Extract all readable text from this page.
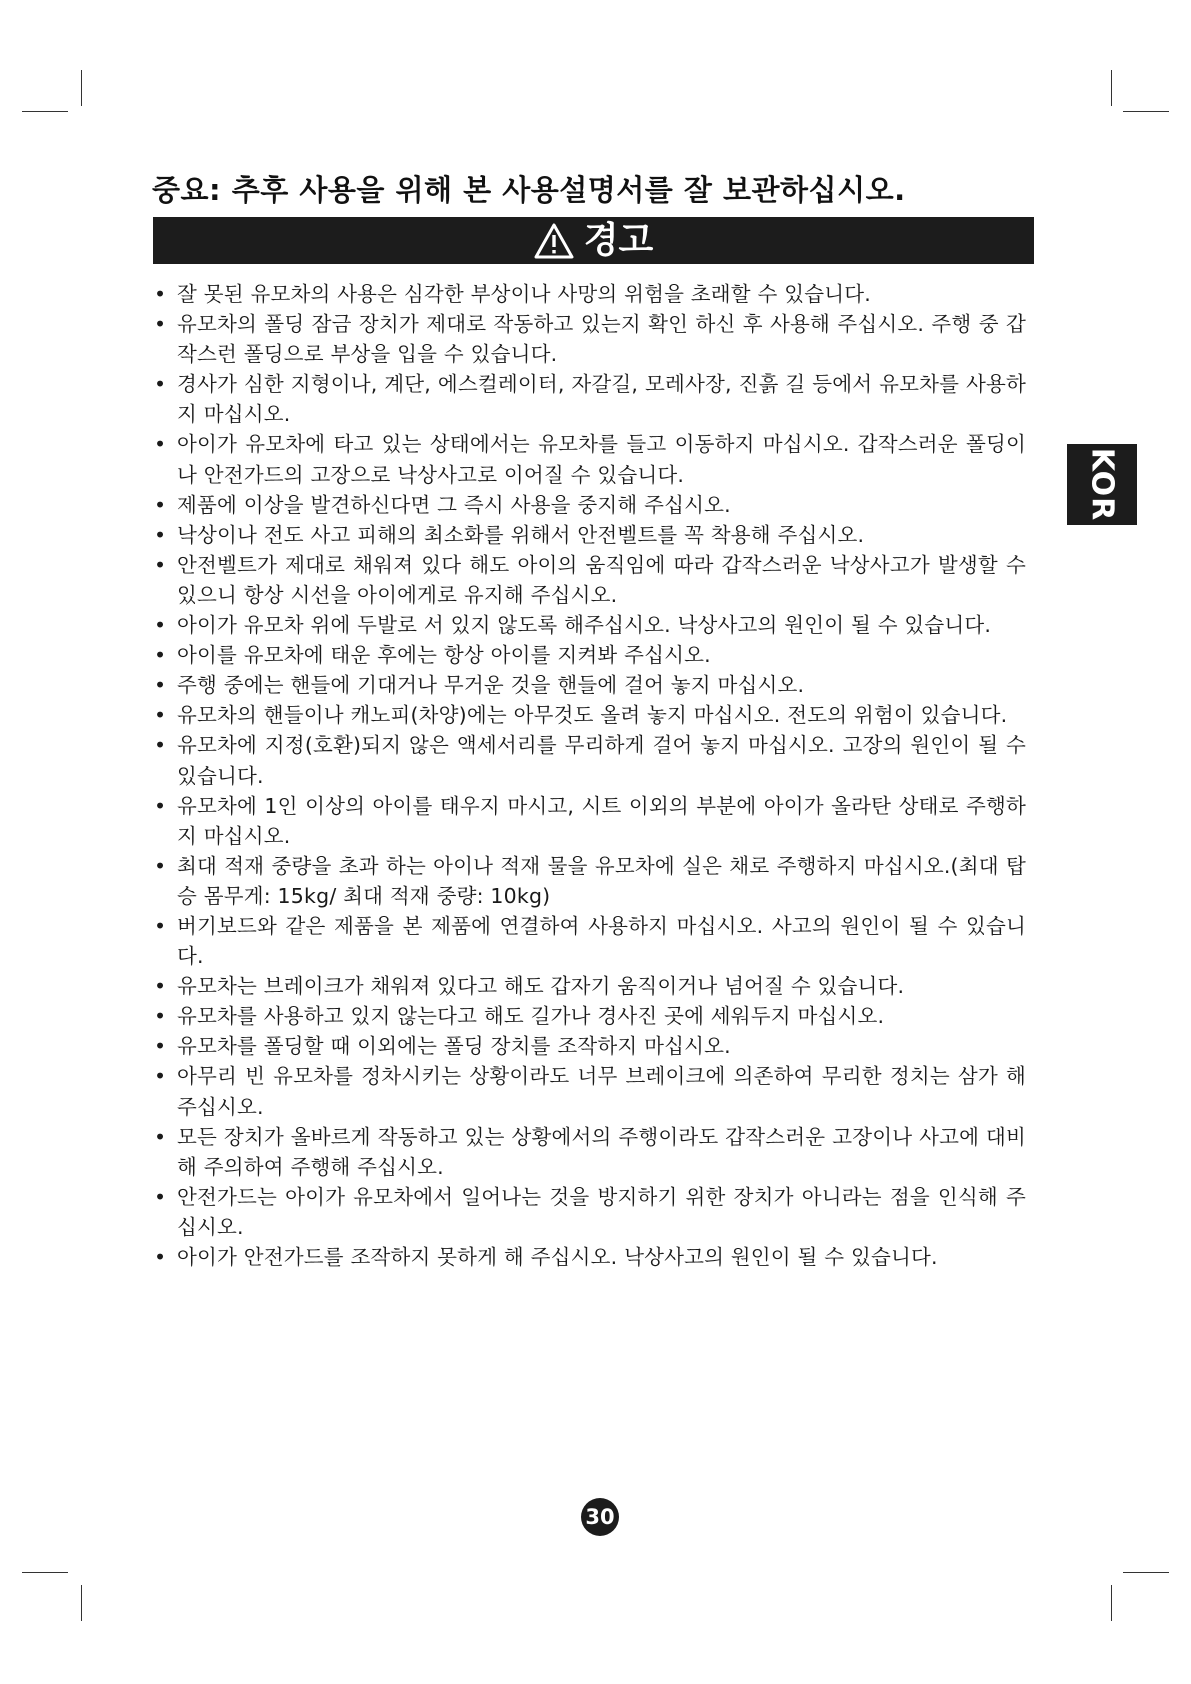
중요: 추후 사용을 위해 본 사용설명서를 잘 보관하십시오.
경고
KOR
• 잘 못된 유모차의 사용은 심각한 부상이나 사망의 위험을 초래할 수 있습니다.
• 유모차의 폴딩 잠금 장치가 제대로 작동하고 있는지 확인 하신 후 사용해 주십시오. 주행 중 갑작스런 폴딩으로 부상을 입을 수 있습니다.
• 경사가 심한 지형이나, 계단, 에스컬레이터, 자갈길, 모레사장, 진흙 길 등에서 유모차를 사용하지 마십시오.
• 아이가 유모차에 타고 있는 상태에서는 유모차를 들고 이동하지 마십시오. 갑작스러운 폴딩이나 안전가드의 고장으로 낙상사고로 이어질 수 있습니다.
• 제품에 이상을 발견하신다면 그 즉시 사용을 중지해 주십시오.
• 낙상이나 전도 사고 피해의 최소화를 위해서 안전벨트를 꼭 착용해 주십시오.
• 안전벨트가 제대로 채워져 있다 해도 아이의 움직임에 따라 갑작스러운 낙상사고가 발생할 수 있으니 항상 시선을 아이에게로 유지해 주십시오.
• 아이가 유모차 위에 두발로 서 있지 않도록 해주십시오. 낙상사고의 원인이 될 수 있습니다.
• 아이를 유모차에 태운 후에는 항상 아이를 지켜봐 주십시오.
• 주행 중에는 핸들에 기대거나 무거운 것을 핸들에 걸어 놓지 마십시오.
• 유모차의 핸들이나 캐노피(차양)에는 아무것도 올려 놓지 마십시오. 전도의 위험이 있습니다.
• 유모차에 지정(호환)되지 않은 액세서리를 무리하게 걸어 놓지 마십시오. 고장의 원인이 될 수 있습니다.
• 유모차에 1인 이상의 아이를 태우지 마시고, 시트 이외의 부분에 아이가 올라탄 상태로 주행하지 마십시오.
• 최대 적재 중량을 초과 하는 아이나 적재 물을 유모차에 실은 채로 주행하지 마십시오.(최대 탑승 몸무게: 15kg/ 최대 적재 중량: 10kg)
• 버기보드와 같은 제품을 본 제품에 연결하여 사용하지 마십시오. 사고의 원인이 될 수 있습니다.
• 유모차는 브레이크가 채워져 있다고 해도 갑자기 움직이거나 넘어질 수 있습니다.
• 유모차를 사용하고 있지 않는다고 해도 길가나 경사진 곳에 세워두지 마십시오.
• 유모차를 폴딩할 때 이외에는 폴딩 장치를 조작하지 마십시오.
• 아무리 빈 유모차를 정차시키는 상황이라도 너무 브레이크에 의존하여 무리한 정치는 삼가 해 주십시오.
• 모든 장치가 올바르게 작동하고 있는 상황에서의 주행이라도 갑작스러운 고장이나 사고에 대비해 주의하여 주행해 주십시오.
• 안전가드는 아이가 유모차에서 일어나는 것을 방지하기 위한 장치가 아니라는 점을 인식해 주십시오.
• 아이가 안전가드를 조작하지 못하게 해 주십시오. 낙상사고의 원인이 될 수 있습니다.
30
